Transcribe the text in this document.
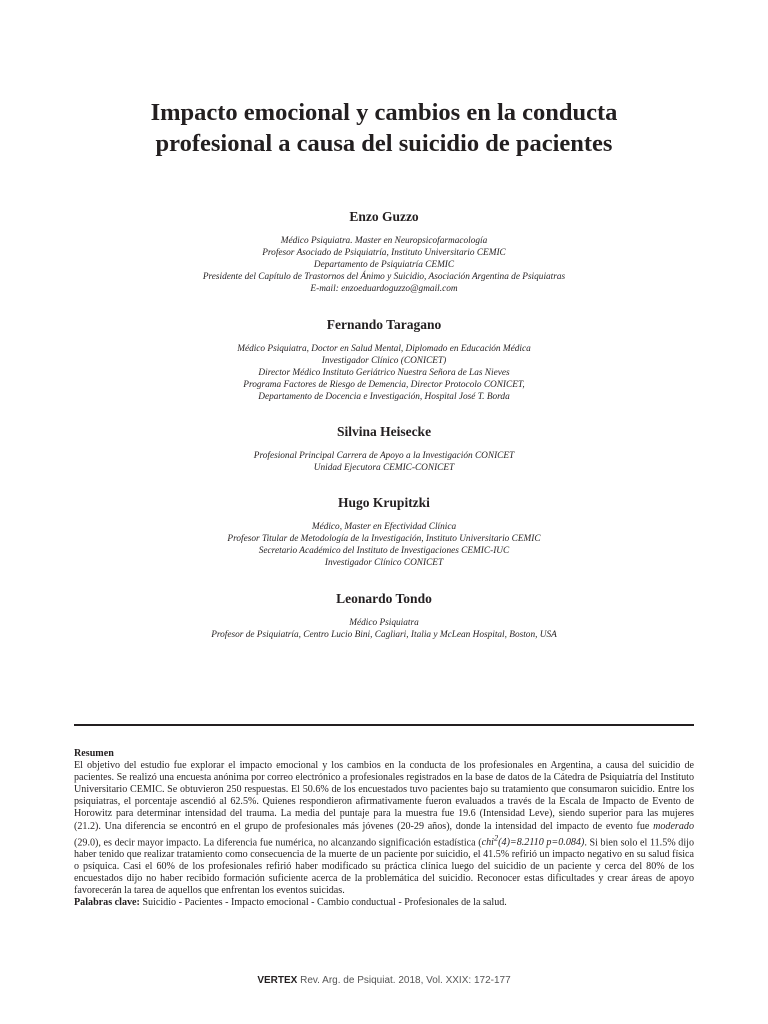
Impacto emocional y cambios en la conducta
profesional a causa del suicidio de pacientes

Enzo Guzzo

Médico Psiquiatra. Master en Neuropsicofarmacología

Profesor Asociado de Psiquiatría, Instituto Universitario CEMIC

Departamento de Psiquiatría CEMIC

Presidente del Capítulo de Trastornos del Ánimo y Suicidio, Asociación Argentina de Psiquiatras

E-mail: enzoeduardoguzzo@gmail.com

Fernando Taragano

Médico Psiquiatra, Doctor en Salud Mental, Diplomado en Educación Médica

Investigador Clínico (CONICET)

Director Médico Instituto Geriátrico Nuestra Señora de Las Nieves

Programa Factores de Riesgo de Demencia, Director Protocolo CONICET,

Departamento de Docencia e Investigación, Hospital José T. Borda

Silvina Heisecke

Profesional Principal Carrera de Apoyo a la Investigación CONICET

Unidad Ejecutora CEMIC-CONICET

Hugo Krupitzki

Médico, Master en Efectividad Clínica

Profesor Titular de Metodología de la Investigación, Instituto Universitario CEMIC

Secretario Académico del Instituto de Investigaciones CEMIC-IUC

Investigador Clínico CONICET

Leonardo Tondo

Médico Psiquiatra

Profesor de Psiquiatría, Centro Lucio Bini, Cagliari, Italia y McLean Hospital, Boston, USA

Resumen
El objetivo del estudio fue explorar el impacto emocional y los cambios en la conducta de los profesionales en Argentina, a causa del suicidio de pacientes. Se realizó una encuesta anónima por correo electrónico a profesionales registrados en la base de datos de la Cátedra de Psiquiatría del Instituto Universitario CEMIC. Se obtuvieron 250 respuestas. El 50.6% de los encuestados tuvo pacientes bajo su tratamiento que consumaron suicidio. Entre los psiquiatras, el porcentaje ascendió al 62.5%. Quienes respondieron afirmativamente fueron evaluados a través de la Escala de Impacto de Evento de Horowitz para determinar intensidad del trauma. La media del puntaje para la muestra fue 19.6 (Intensidad Leve), siendo superior para las mujeres (21.2). Una diferencia se encontró en el grupo de profesionales más jóvenes (20-29 años), donde la intensidad del impacto de evento fue moderado (29.0), es decir mayor impacto. La diferencia fue numérica, no alcanzando significación estadística (chi$^2$(4)=8.2110 p=0.084). Si bien solo el 11.5% dijo haber tenido que realizar tratamiento como consecuencia de la muerte de un paciente por suicidio, el 41.5% refirió un impacto negativo en su salud física o psíquica. Casi el 60% de los profesionales refirió haber modificado su práctica clínica luego del suicidio de un paciente y cerca del 80% de los encuestados dijo no haber recibido formación suficiente acerca de la problemática del suicidio. Reconocer estas dificultades y crear áreas de apoyo favorecerán la tarea de aquellos que enfrentan los eventos suicidas.
Palabras clave: Suicidio - Pacientes - Impacto emocional - Cambio conductual - Profesionales de la salud.

VERTEX Rev. Arg. de Psiquiat. 2018, Vol. XXIX: 172-177
